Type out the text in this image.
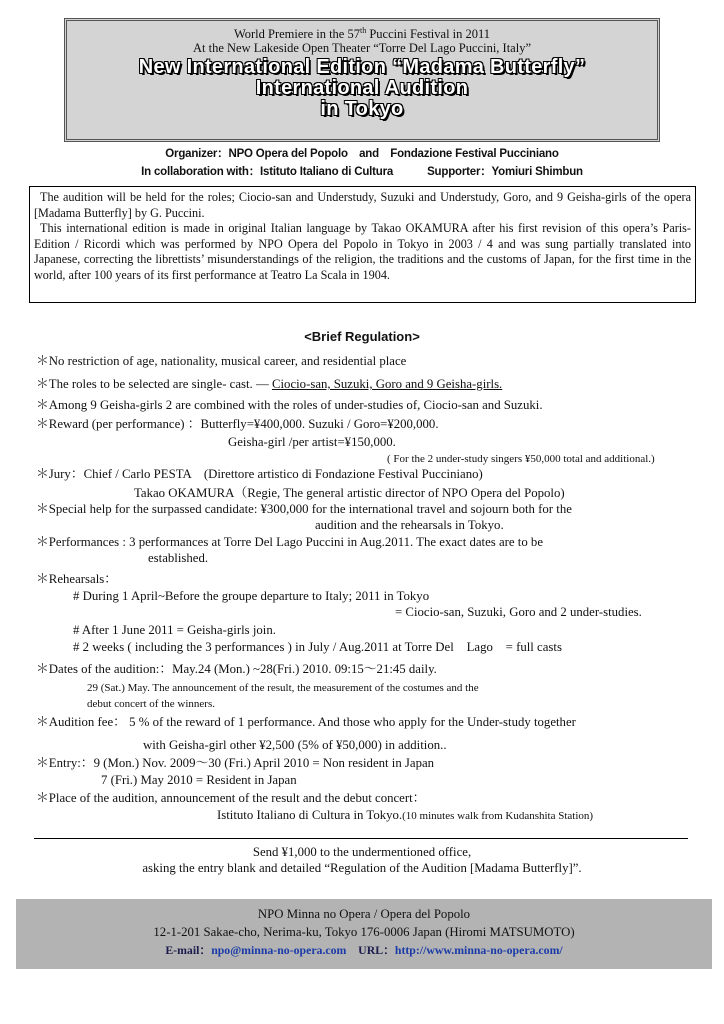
World Premiere in the 57th Puccini Festival in 2011
At the New Lakeside Open Theater “Torre Del Lago Puccini, Italy”
New International Edition “Madama Butterfly”
International Audition
in Tokyo
Organizer：NPO Opera del Popolo　and　Fondazione Festival Pucciniano
In collaboration with：Istituto Italiano di Cultura	Supporter：Yomiuri Shimbun

The audition will be held for the roles; Ciocio-san and Understudy, Suzuki and Understudy, Goro, and 9 Geisha-girls of the opera [Madama Butterfly] by G. Puccini.

This international edition is made in original Italian language by Takao OKAMURA after his first revision of this opera’s Paris-Edition / Ricordi which was performed by NPO Opera del Popolo in Tokyo in 2003 / 4 and was sung partially translated into Japanese, correcting the librettists’ misunderstandings of the religion, the traditions and the customs of Japan, for the first time in the world, after 100 years of its first performance at Teatro La Scala in 1904.

<Brief Regulation>
＊No restriction of age, nationality, musical career, and residential place
＊The roles to be selected are single- cast. — Ciocio-san, Suzuki, Goro and 9 Geisha-girls.
＊Among 9 Geisha-girls 2 are combined with the roles of under-studies of, Ciocio-san and Suzuki.
＊Reward (per performance) ：Butterfly=¥400,000. Suzuki / Goro=¥200,000.
Geisha-girl /per artist=¥150,000.
( For the 2 under-study singers ¥50,000 total and additional.)
＊Jury：Chief / Carlo PESTA　(Direttore artistico di Fondazione Festival Pucciniano)
Takao OKAMURA（Regie, The general artistic director of NPO Opera del Popolo)
＊Special help for the surpassed candidate: ¥300,000 for the international travel and sojourn both for the
audition and the rehearsals in Tokyo.
＊Performances : 3 performances at Torre Del Lago Puccini in Aug.2011. The exact dates are to be
established.
＊Rehearsals：
# During 1 April~Before the groupe departure to Italy; 2011 in Tokyo
= Ciocio-san, Suzuki, Goro and 2 under-studies.
# After 1 June 2011 = Geisha-girls join.
# 2 weeks ( including the 3 performances ) in July / Aug.2011 at Torre Del　Lago　= full casts
＊Dates of the audition:：May.24 (Mon.) ~28(Fri.) 2010. 09:15～21:45 daily.
29 (Sat.) May. The announcement of the result, the measurement of the costumes and the
debut concert of the winners.
＊Audition fee： 5 % of the reward of 1 performance. And those who apply for the Under-study together
with Geisha-girl other ¥2,500 (5% of ¥50,000) in addition..
＊Entry:：9 (Mon.) Nov. 2009～30 (Fri.) April 2010 = Non resident in Japan
7 (Fri.) May 2010 = Resident in Japan
＊Place of the audition, announcement of the result and the debut concert：
Istituto Italiano di Cultura in Tokyo.(10 minutes walk from Kudanshita Station)
Send ¥1,000 to the undermentioned office,
asking the entry blank and detailed “Regulation of the Audition [Madama Butterfly]”.
NPO Minna no Opera / Opera del Popolo
12-1-201 Sakae-cho, Nerima-ku, Tokyo 176-0006 Japan (Hiromi MATSUMOTO)
E-mail：npo@minna-no-opera.com URL：http://www.minna-no-opera.com/
